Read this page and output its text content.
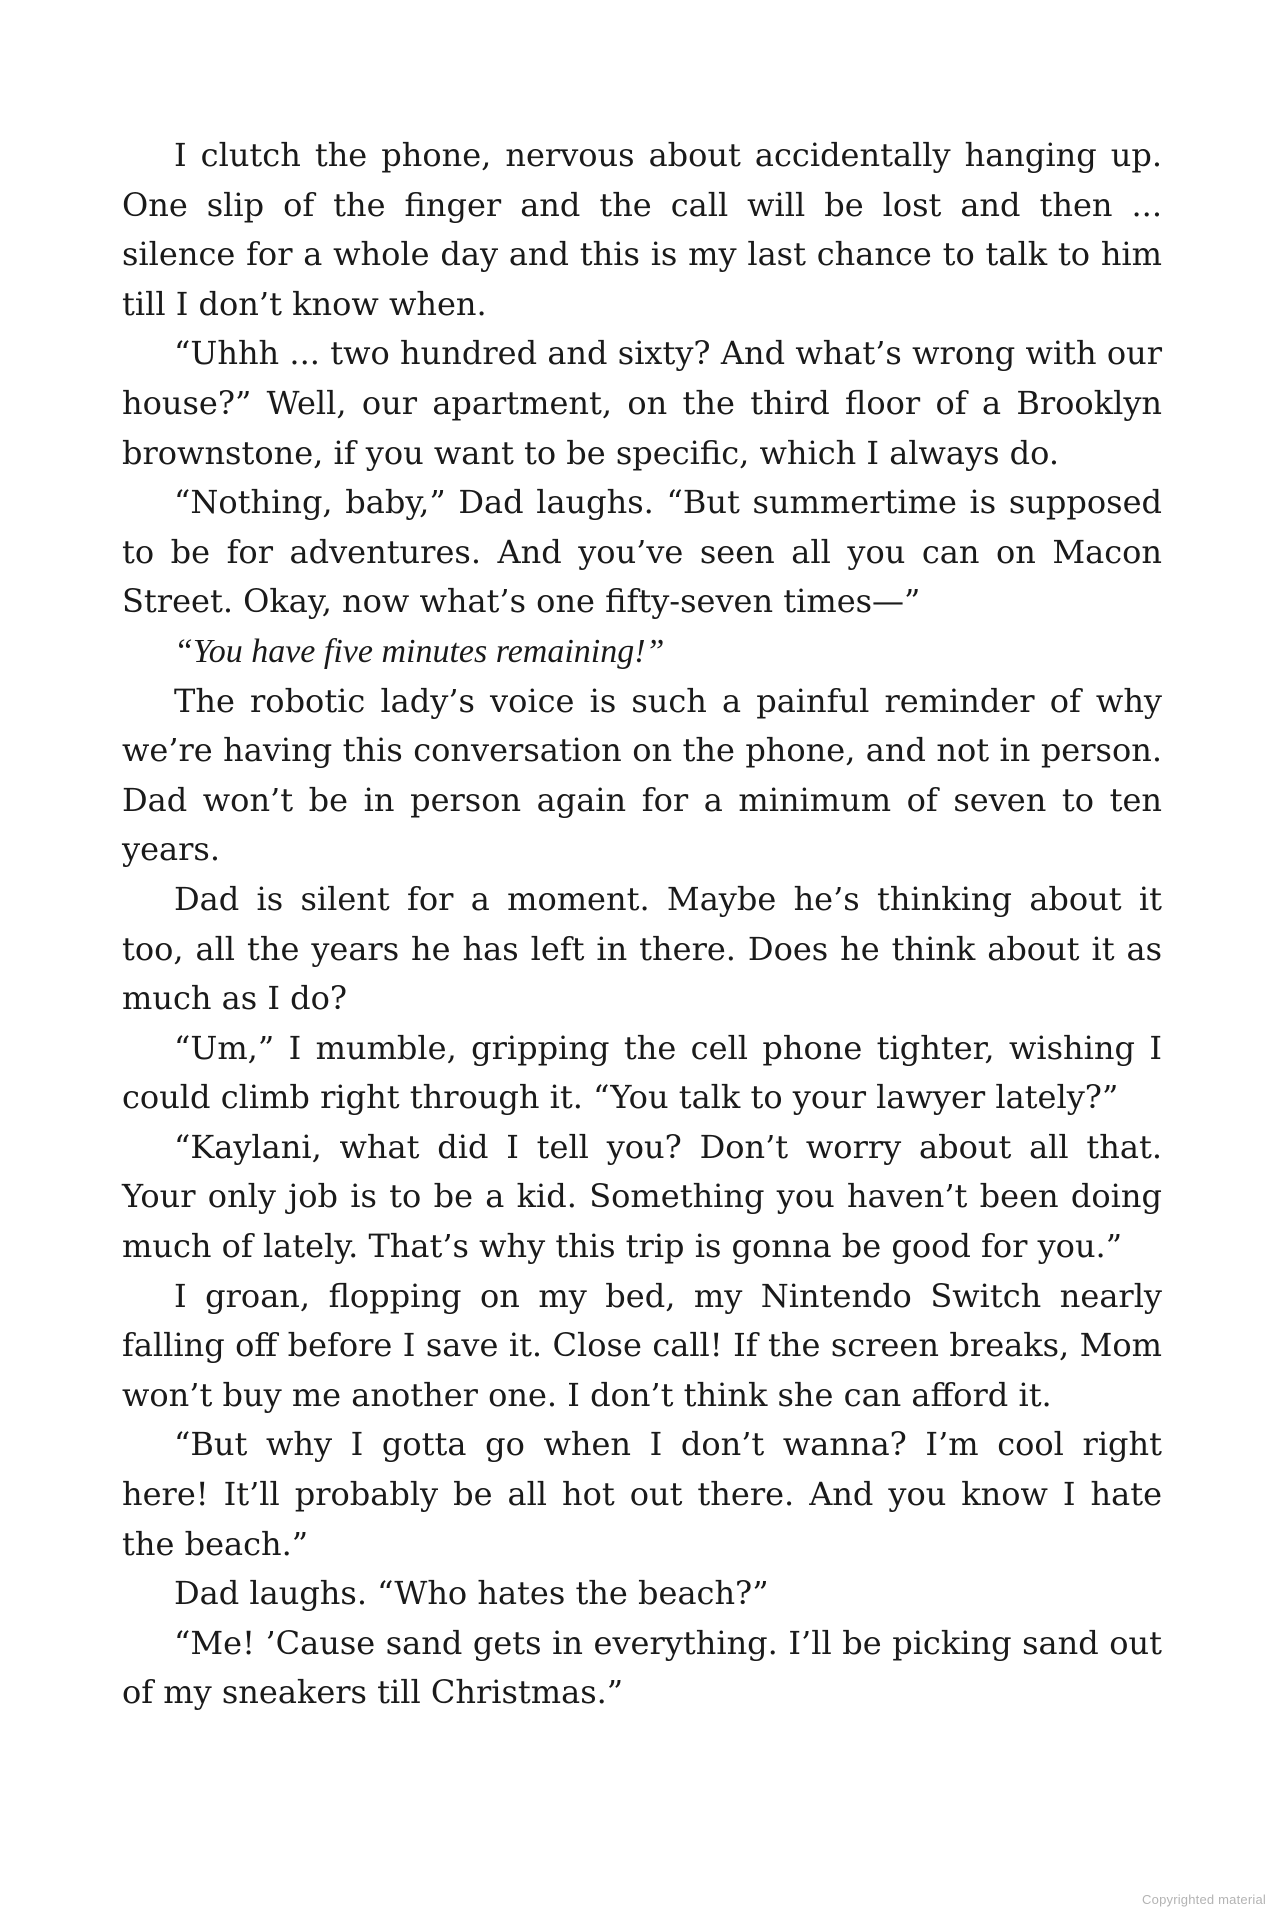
I clutch the phone, nervous about accidentally hanging up. One slip of the finger and the call will be lost and then ... silence for a whole day and this is my last chance to talk to him till I don’t know when.

“Uhhh ... two hundred and sixty? And what’s wrong with our house?” Well, our apartment, on the third floor of a Brooklyn brownstone, if you want to be specific, which I always do.

“Nothing, baby,” Dad laughs. “But summertime is supposed to be for adventures. And you’ve seen all you can on Macon Street. Okay, now what’s one fifty-seven times—”

“You have five minutes remaining!”

The robotic lady’s voice is such a painful reminder of why we’re having this conversation on the phone, and not in person. Dad won’t be in person again for a minimum of seven to ten years.

Dad is silent for a moment. Maybe he’s thinking about it too, all the years he has left in there. Does he think about it as much as I do?

“Um,” I mumble, gripping the cell phone tighter, wishing I could climb right through it. “You talk to your lawyer lately?”

“Kaylani, what did I tell you? Don’t worry about all that. Your only job is to be a kid. Something you haven’t been doing much of lately. That’s why this trip is gonna be good for you.”

I groan, flopping on my bed, my Nintendo Switch nearly falling off before I save it. Close call! If the screen breaks, Mom won’t buy me another one. I don’t think she can afford it.

“But why I gotta go when I don’t wanna? I’m cool right here! It’ll probably be all hot out there. And you know I hate the beach.”

Dad laughs. “Who hates the beach?”

“Me! ’Cause sand gets in everything. I’ll be picking sand out of my sneakers till Christmas.”

Copyrighted material
